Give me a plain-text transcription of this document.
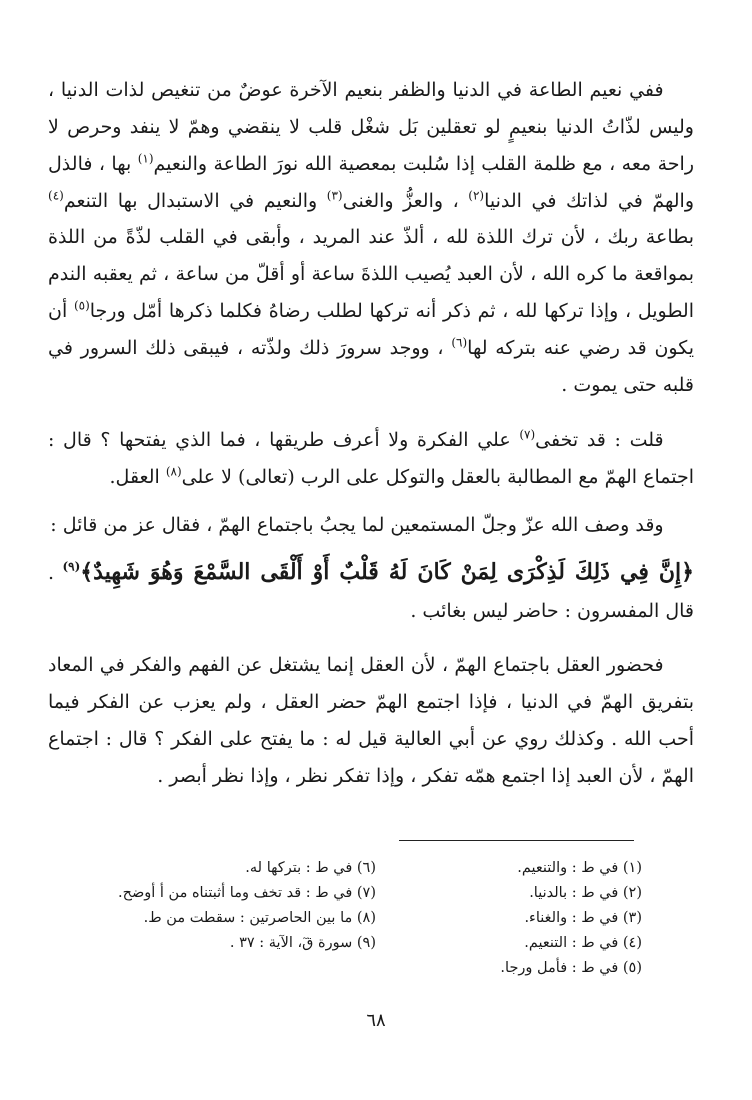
ففي نعيم الطاعة في الدنيا والظفر بنعيم الآخرة عوضٌ من تنغيص لذات الدنيا ، وليس لذّاتُ الدنيا بنعيمٍ لو تعقلين بَل شغْل قلب لا ينقضي وهمّ لا ينفد وحرص لا راحة معه ، مع ظلمة القلب إذا سُلبت بمعصية الله نورَ الطاعة والنعيم$^{(١)}$ بها ، فالذل والهمّ في لذاتك في الدنيا$^{(٢)}$ ، والعزُّ والغنى$^{(٣)}$ والنعيم في الاستبدال بها التنعم$^{(٤)}$ بطاعة ربك ، لأن ترك اللذة لله ، ألذّ عند المريد ، وأبقى في القلب لذّةً من اللذة بمواقعة ما كره الله ، لأن العبد يُصيب اللذةَ ساعة أو أقلّ من ساعة ، ثم يعقبه الندم الطويل ، وإذا تركها لله ، ثم ذكر أنه تركها لطلب رضاهُ فكلما ذكرها أمّل ورجا$^{(٥)}$ أن يكون قد رضي عنه بتركه لها$^{(٦)}$ ، ووجد سرورَ ذلك ولذّته ، فيبقى ذلك السرور في قلبه حتى يموت .

قلت : قد تخفى$^{(٧)}$ علي الفكرة ولا أعرف طريقها ، فما الذي يفتحها ؟ قال : اجتماع الهمّ مع المطالبة بالعقل والتوكل على الرب (تعالى) لا على$^{(٨)}$ العقل.

وقد وصف الله عزّ وجلّ المستمعين لما يجبُ باجتماع الهمّ ، فقال عز من قائل :

﴿إِنَّ فِي ذَلِكَ لَذِكْرَى لِمَنْ كَانَ لَهُ قَلْبٌ أَوْ أَلْقَى السَّمْعَ وَهُوَ شَهِيدٌ﴾$^{(٩)}$ . قال المفسرون : حاضر ليس بغائب .

فحضور العقل باجتماع الهمّ ، لأن العقل إنما يشتغل عن الفهم والفكر في المعاد بتفريق الهمّ في الدنيا ، فإذا اجتمع الهمّ حضر العقل ، ولم يعزب عن الفكر فيما أحب الله . وكذلك روي عن أبي العالية قيل له : ما يفتح على الفكر ؟ قال : اجتماع الهمّ ، لأن العبد إذا اجتمع همّه تفكر ، وإذا تفكر نظر ، وإذا نظر أبصر .

(١) في ط : والتنعيم.
(٢) في ط : بالدنيا.
(٣) في ط : والغناء.
(٤) في ط : التنعيم.
(٥) في ط : فأمل ورجا.
(٦) في ط : بتركها له.
(٧) في ط : قد تخف وما أثبتناه من أ أوضح.
(٨) ما بين الحاصرتين : سقطت من ط.
(٩) سورة قٓ، الآية : ٣٧ .
٦٨
